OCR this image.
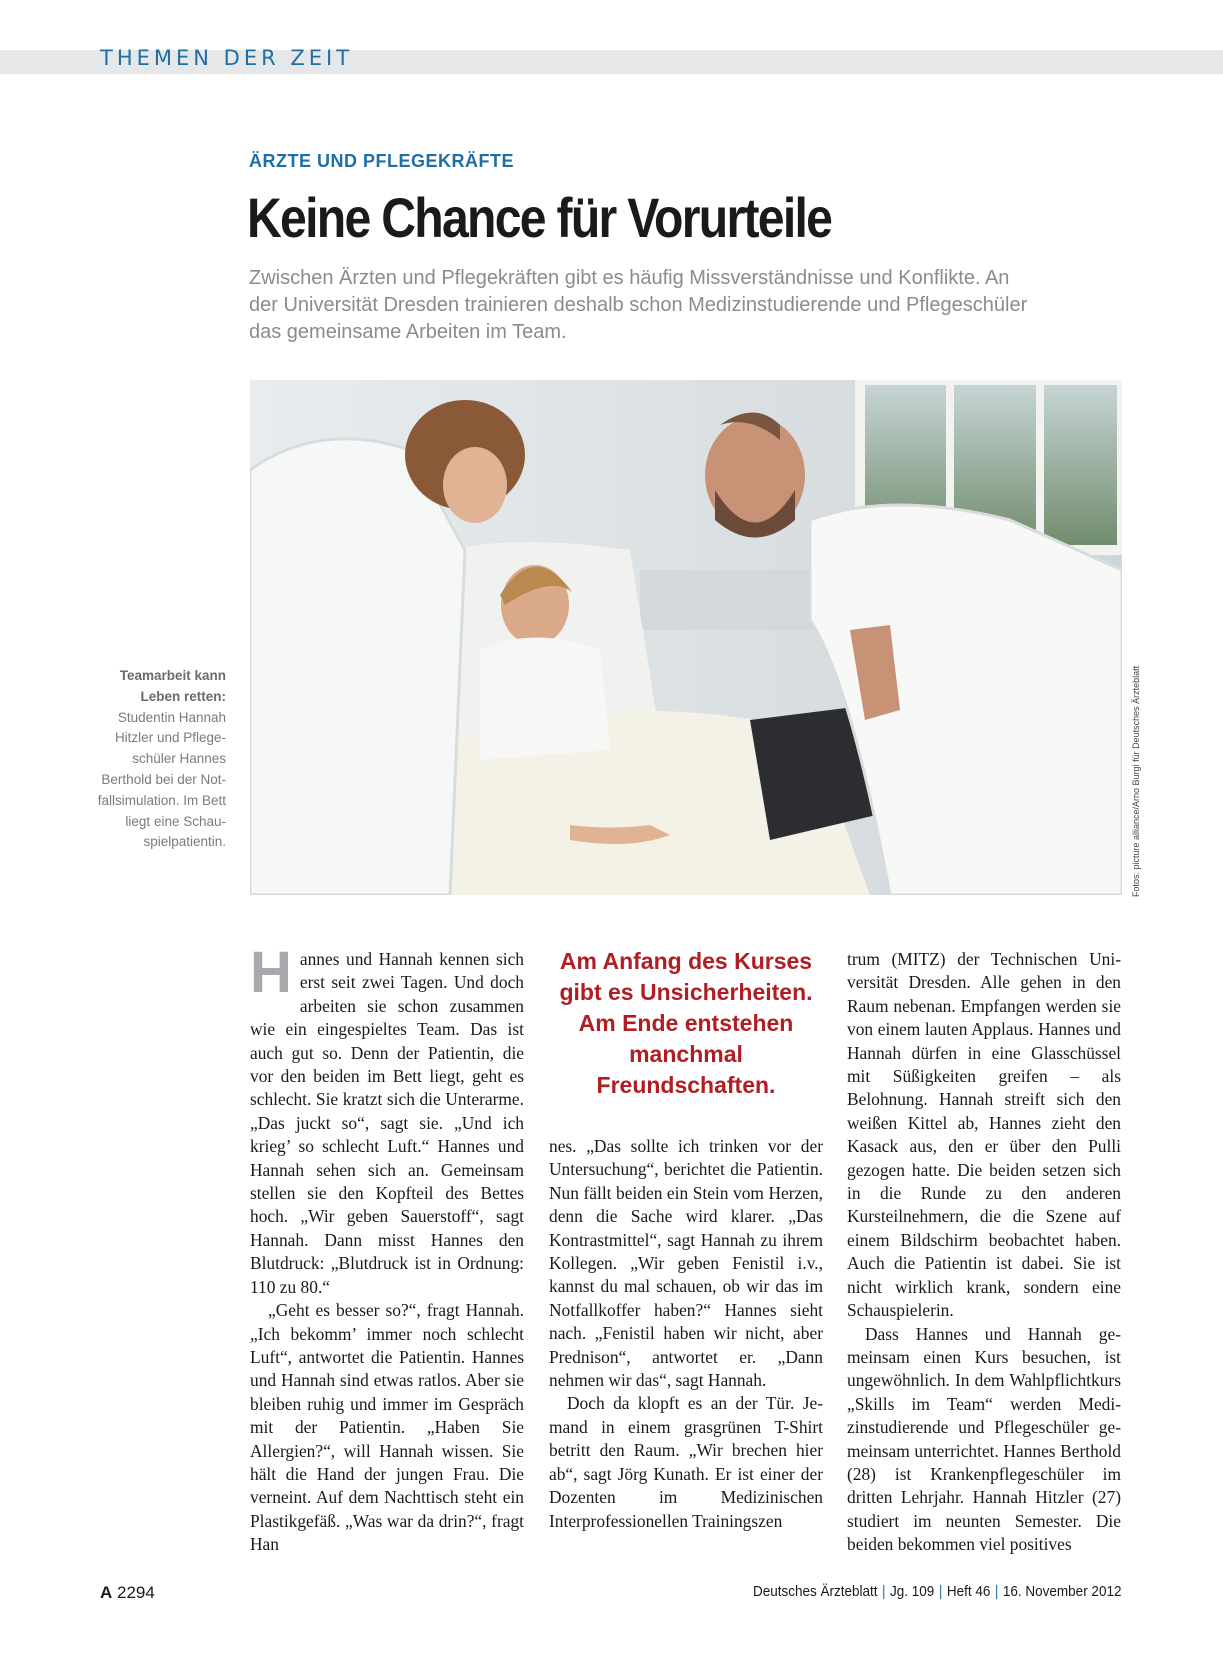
THEMEN DER ZEIT
ÄRZTE UND PFLEGEKRÄFTE
Keine Chance für Vorurteile
Zwischen Ärzten und Pflegekräften gibt es häufig Missverständnisse und Konflikte. An der Universität Dresden trainieren deshalb schon Medizinstudierende und Pflegeschüler das gemeinsame Arbeiten im Team.
Fotos: picture alliance/Arno Burgi für Deutsches Ärzteblatt
Teamarbeit kann Leben retten:
Studentin Hannah Hitzler und Pflegeschüler Hannes Berthold bei der Notfallsimulation. Im Bett liegt eine Schauspielpatientin.

Hannes und Hannah kennen sich erst seit zwei Tagen. Und doch arbeiten sie schon zusammen wie ein eingespieltes Team. Das ist auch gut so. Denn der Patientin, die vor den beiden im Bett liegt, geht es schlecht. Sie kratzt sich die Unterarme. „Das juckt so“, sagt sie. „Und ich krieg’ so schlecht Luft.“ Hannes und Hannah sehen sich an. Gemeinsam stellen sie den Kopfteil des Bettes hoch. „Wir geben Sauerstoff“, sagt Hannah. Dann misst Hannes den Blutdruck: „Blutdruck ist in Ordnung: 110 zu 80.“

„Geht es besser so?“, fragt Hannah. „Ich bekomm’ immer noch schlecht Luft“, antwortet die Patientin. Hannes und Hannah sind etwas ratlos. Aber sie bleiben ruhig und immer im Gespräch mit der Patientin. „Haben Sie Allergien?“, will Hannah wissen. Sie hält die Hand der jungen Frau. Die verneint. Auf dem Nachttisch steht ein Plastikgefäß. „Was war da drin?“, fragt Han

Am Anfang des Kurses gibt es Unsicherheiten. Am Ende entstehen manchmal Freundschaften.

nes. „Das sollte ich trinken vor der Untersuchung“, berichtet die Patientin. Nun fällt beiden ein Stein vom Herzen, denn die Sache wird klarer. „Das Kontrastmittel“, sagt Hannah zu ihrem Kollegen. „Wir geben Fenistil i.v., kannst du mal schauen, ob wir das im Notfallkoffer haben?“ Hannes sieht nach. „Fenistil haben wir nicht, aber Prednison“, antwortet er. „Dann nehmen wir das“, sagt Hannah.

Doch da klopft es an der Tür. Jemand in einem grasgrünen T-Shirt betritt den Raum. „Wir brechen hier ab“, sagt Jörg Kunath. Er ist einer der Dozenten im Medizinischen Interprofessionellen Trainingszen

trum (MITZ) der Technischen Universität Dresden. Alle gehen in den Raum nebenan. Empfangen werden sie von einem lauten Applaus. Hannes und Hannah dürfen in eine Glasschüssel mit Süßigkeiten greifen – als Belohnung. Hannah streift sich den weißen Kittel ab, Hannes zieht den Kasack aus, den er über den Pulli gezogen hatte. Die beiden setzen sich in die Runde zu den anderen Kursteilnehmern, die die Szene auf einem Bildschirm beobachtet haben. Auch die Patientin ist dabei. Sie ist nicht wirklich krank, sondern eine Schauspielerin.

Dass Hannes und Hannah gemeinsam einen Kurs besuchen, ist ungewöhnlich. In dem Wahlpflichtkurs „Skills im Team“ werden Medizinstudierende und Pflegeschüler gemeinsam unterrichtet. Hannes Berthold (28) ist Krankenpflegeschüler im dritten Lehrjahr. Hannah Hitzler (27) studiert im neunten Semester. Die beiden bekommen viel positives

A 2294	Deutsches Ärzteblatt | Jg. 109 | Heft 46 | 16. November 2012
